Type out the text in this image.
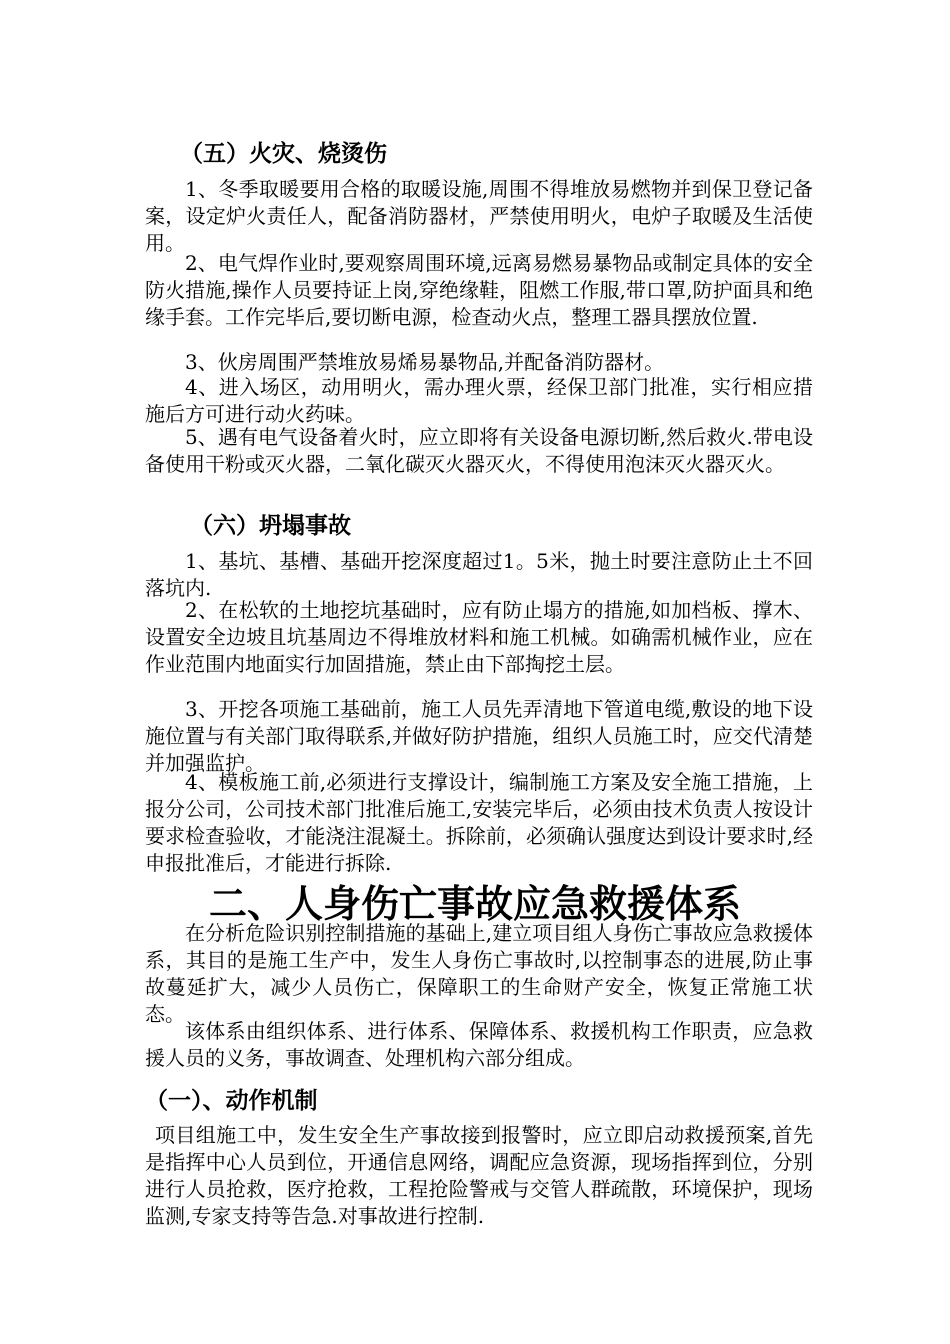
（五）火灾、烧烫伤
1、冬季取暖要用合格的取暖设施,周围不得堆放易燃物并到保卫登记备案，设定炉火责任人，配备消防器材，严禁使用明火，电炉子取暖及生活使用。
2、电气焊作业时,要观察周围环境,远离易燃易暴物品或制定具体的安全防火措施,操作人员要持证上岗,穿绝缘鞋，阻燃工作服,带口罩,防护面具和绝缘手套。工作完毕后,要切断电源，检查动火点，整理工器具摆放位置.
3、伙房周围严禁堆放易烯易暴物品,并配备消防器材。
4、进入场区，动用明火，需办理火票，经保卫部门批准，实行相应措施后方可进行动火药味。
5、遇有电气设备着火时，应立即将有关设备电源切断,然后救火.带电设备使用干粉或灭火器，二氧化碳灭火器灭火，不得使用泡沫灭火器灭火。
（六）坍塌事故
1、基坑、基槽、基础开挖深度超过1。5米，抛土时要注意防止土不回落坑内.
2、在松软的土地挖坑基础时，应有防止塌方的措施,如加档板、撑木、设置安全边坡且坑基周边不得堆放材料和施工机械。如确需机械作业，应在作业范围内地面实行加固措施，禁止由下部掏挖土层。
3、开挖各项施工基础前，施工人员先弄清地下管道电缆,敷设的地下设施位置与有关部门取得联系,并做好防护措施，组织人员施工时，应交代清楚并加强监护。
4、模板施工前,必须进行支撑设计，编制施工方案及安全施工措施，上报分公司，公司技术部门批准后施工,安装完毕后，必须由技术负责人按设计要求检查验收，才能浇注混凝土。拆除前，必须确认强度达到设计要求时,经申报批准后，才能进行拆除.
二、人身伤亡事故应急救援体系
在分析危险识别控制措施的基础上,建立项目组人身伤亡事故应急救援体系，其目的是施工生产中，发生人身伤亡事故时,以控制事态的进展,防止事故蔓延扩大，减少人员伤亡，保障职工的生命财产安全，恢复正常施工状态。
该体系由组织体系、进行体系、保障体系、救援机构工作职责，应急救援人员的义务，事故调查、处理机构六部分组成。
（一）、动作机制
项目组施工中，发生安全生产事故接到报警时，应立即启动救援预案,首先是指挥中心人员到位，开通信息网络，调配应急资源，现场指挥到位，分别进行人员抢救，医疗抢救，工程抢险警戒与交管人群疏散，环境保护，现场监测,专家支持等告急.对事故进行控制.
